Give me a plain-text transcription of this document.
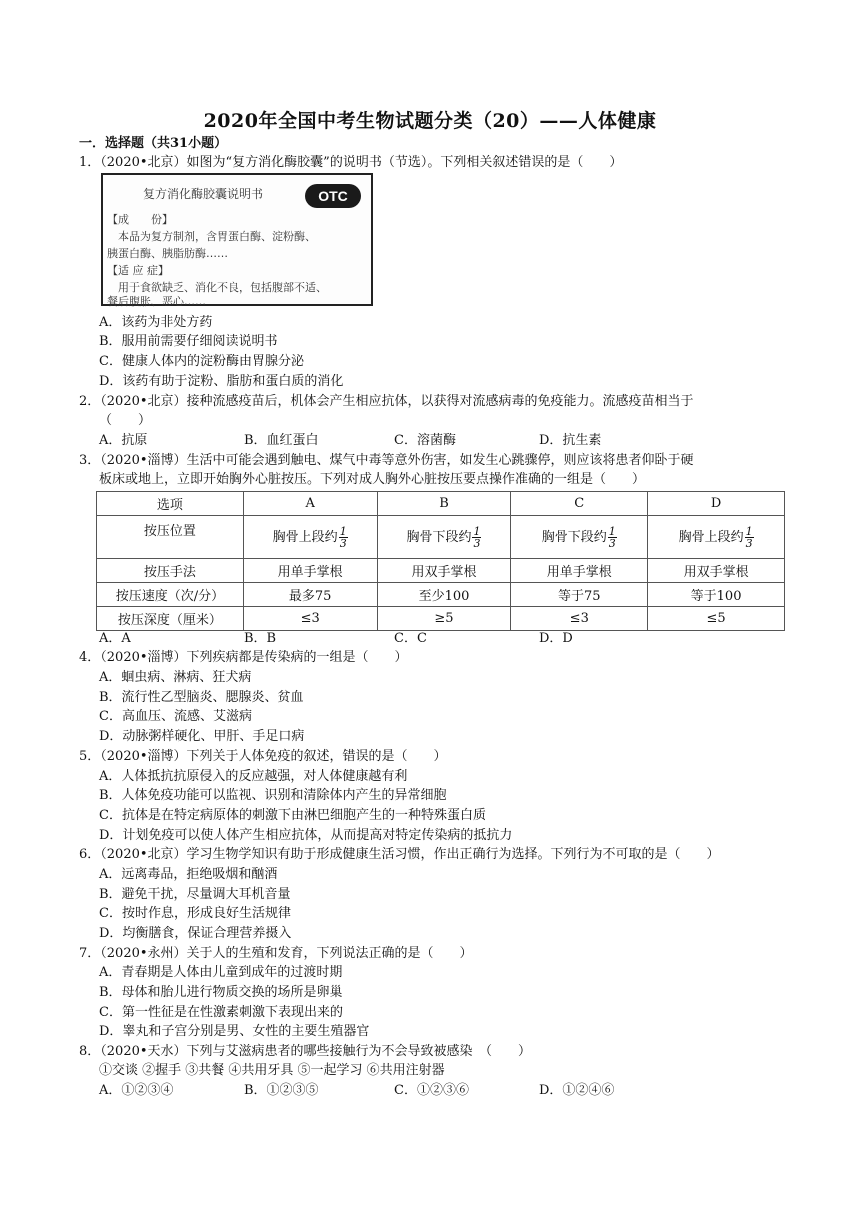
2020年全国中考生物试题分类（20）——人体健康
一．选择题（共31小题）
1．（2020•北京）如图为“复方消化酶胶囊”的说明书（节选）。下列相关叙述错误的是（　　）
复方消化酶胶囊说明书	OTC
【成　　份】
　本品为复方制剂，含胃蛋白酶、淀粉酶、
胰蛋白酶、胰脂肪酶……
【适 应 症】
　用于食欲缺乏、消化不良，包括腹部不适、
餐后腹胀、恶心……
A．该药为非处方药
B．服用前需要仔细阅读说明书
C．健康人体内的淀粉酶由胃腺分泌
D．该药有助于淀粉、脂肪和蛋白质的消化
2．（2020•北京）接种流感疫苗后，机体会产生相应抗体，以获得对流感病毒的免疫能力。流感疫苗相当于
（　　）
A．抗原	B．血红蛋白	C．溶菌酶	D．抗生素
3．（2020•淄博）生活中可能会遇到触电、煤气中毒等意外伤害，如发生心跳骤停，则应该将患者仰卧于硬
板床或地上，立即开始胸外心脏按压。下列对成人胸外心脏按压要点操作准确的一组是（　　）
选项	A	B	C	D
按压位置	胸骨上段约 $\frac{1}{3}$	胸骨下段约 $\frac{1}{3}$	胸骨下段约 $\frac{1}{3}$	胸骨上段约 $\frac{1}{3}$

按压手法	用单手掌根	用双手掌根	用单手掌根	用双手掌根
按压速度（次/分）	最多75	至少100	等于75	等于100
按压深度（厘米）	≤3	≥5	≤3	≤5
A．A	B．B	C．C	D．D
4．（2020•淄博）下列疾病都是传染病的一组是（　　）
A．蛔虫病、淋病、狂犬病
B．流行性乙型脑炎、腮腺炎、贫血
C．高血压、流感、艾滋病
D．动脉粥样硬化、甲肝、手足口病
5．（2020•淄博）下列关于人体免疫的叙述，错误的是（　　）
A．人体抵抗抗原侵入的反应越强，对人体健康越有利
B．人体免疫功能可以监视、识别和清除体内产生的异常细胞
C．抗体是在特定病原体的刺激下由淋巴细胞产生的一种特殊蛋白质
D．计划免疫可以使人体产生相应抗体，从而提高对特定传染病的抵抗力
6．（2020•北京）学习生物学知识有助于形成健康生活习惯，作出正确行为选择。下列行为不可取的是（　　）
A．远离毒品，拒绝吸烟和酗酒
B．避免干扰，尽量调大耳机音量
C．按时作息，形成良好生活规律
D．均衡膳食，保证合理营养摄入
7．（2020•永州）关于人的生殖和发育，下列说法正确的是（　　）
A．青春期是人体由儿童到成年的过渡时期
B．母体和胎儿进行物质交换的场所是卵巢
C．第一性征是在性激素刺激下表现出来的
D．睾丸和子宫分别是男、女性的主要生殖器官
8．（2020•天水）下列与艾滋病患者的哪些接触行为不会导致被感染　（　　）
①交谈 ②握手 ③共餐 ④共用牙具 ⑤一起学习 ⑥共用注射器
A．①②③④	B．①②③⑤	C．①②③⑥	D．①②④⑥
